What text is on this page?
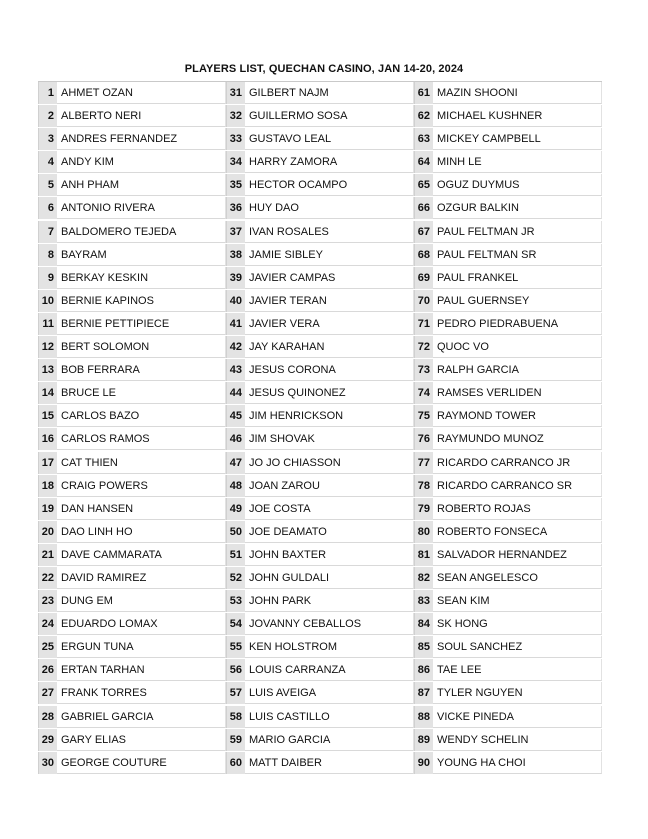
PLAYERS LIST, QUECHAN CASINO, JAN 14-20, 2024
1 AHMET OZAN
2 ALBERTO NERI
3 ANDRES FERNANDEZ
4 ANDY KIM
5 ANH PHAM
6 ANTONIO RIVERA
7 BALDOMERO TEJEDA
8 BAYRAM
9 BERKAY KESKIN
10 BERNIE KAPINOS
11 BERNIE PETTIPIECE
12 BERT SOLOMON
13 BOB FERRARA
14 BRUCE LE
15 CARLOS BAZO
16 CARLOS RAMOS
17 CAT THIEN
18 CRAIG POWERS
19 DAN HANSEN
20 DAO LINH HO
21 DAVE CAMMARATA
22 DAVID RAMIREZ
23 DUNG EM
24 EDUARDO LOMAX
25 ERGUN TUNA
26 ERTAN TARHAN
27 FRANK TORRES
28 GABRIEL GARCIA
29 GARY ELIAS
30 GEORGE COUTURE
31 GILBERT NAJM
32 GUILLERMO SOSA
33 GUSTAVO LEAL
34 HARRY ZAMORA
35 HECTOR OCAMPO
36 HUY DAO
37 IVAN ROSALES
38 JAMIE SIBLEY
39 JAVIER CAMPAS
40 JAVIER TERAN
41 JAVIER VERA
42 JAY KARAHAN
43 JESUS CORONA
44 JESUS QUINONEZ
45 JIM HENRICKSON
46 JIM SHOVAK
47 JO JO CHIASSON
48 JOAN ZAROU
49 JOE COSTA
50 JOE DEAMATO
51 JOHN BAXTER
52 JOHN GULDALI
53 JOHN PARK
54 JOVANNY CEBALLOS
55 KEN HOLSTROM
56 LOUIS CARRANZA
57 LUIS AVEIGA
58 LUIS CASTILLO
59 MARIO GARCIA
60 MATT DAIBER
61 MAZIN SHOONI
62 MICHAEL KUSHNER
63 MICKEY CAMPBELL
64 MINH LE
65 OGUZ DUYMUS
66 OZGUR BALKIN
67 PAUL FELTMAN JR
68 PAUL FELTMAN SR
69 PAUL FRANKEL
70 PAUL GUERNSEY
71 PEDRO PIEDRABUENA
72 QUOC VO
73 RALPH GARCIA
74 RAMSES VERLIDEN
75 RAYMOND TOWER
76 RAYMUNDO MUNOZ
77 RICARDO CARRANCO JR
78 RICARDO CARRANCO SR
79 ROBERTO ROJAS
80 ROBERTO FONSECA
81 SALVADOR HERNANDEZ
82 SEAN ANGELESCO
83 SEAN KIM
84 SK HONG
85 SOUL SANCHEZ
86 TAE LEE
87 TYLER NGUYEN
88 VICKE PINEDA
89 WENDY SCHELIN
90 YOUNG HA CHOI
